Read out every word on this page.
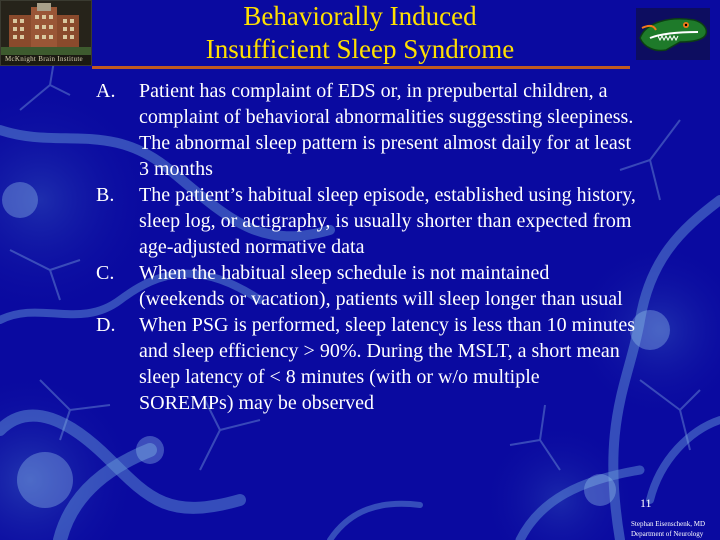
McKnight Brain Institute
Behaviorally Induced
Insufficient Sleep Syndrome
A. Patient has complaint of EDS or, in prepubertal children, a complaint of behavioral abnormalities suggessting sleepiness. The abnormal sleep pattern is present almost daily for at least 3 months
B. The patient’s habitual sleep episode, established using history, sleep log, or actigraphy, is usually shorter than expected from age-adjusted normative data
C. When the habitual sleep schedule is not maintained (weekends or vacation), patients will sleep longer than usual
D. When PSG is performed, sleep latency is less than 10 minutes and sleep efficiency > 90%. During the MSLT, a short mean sleep latency of < 8 minutes (with or w/o multiple SOREMPs) may be observed
11
Stephan Eisenschenk, MD
Department of Neurology
